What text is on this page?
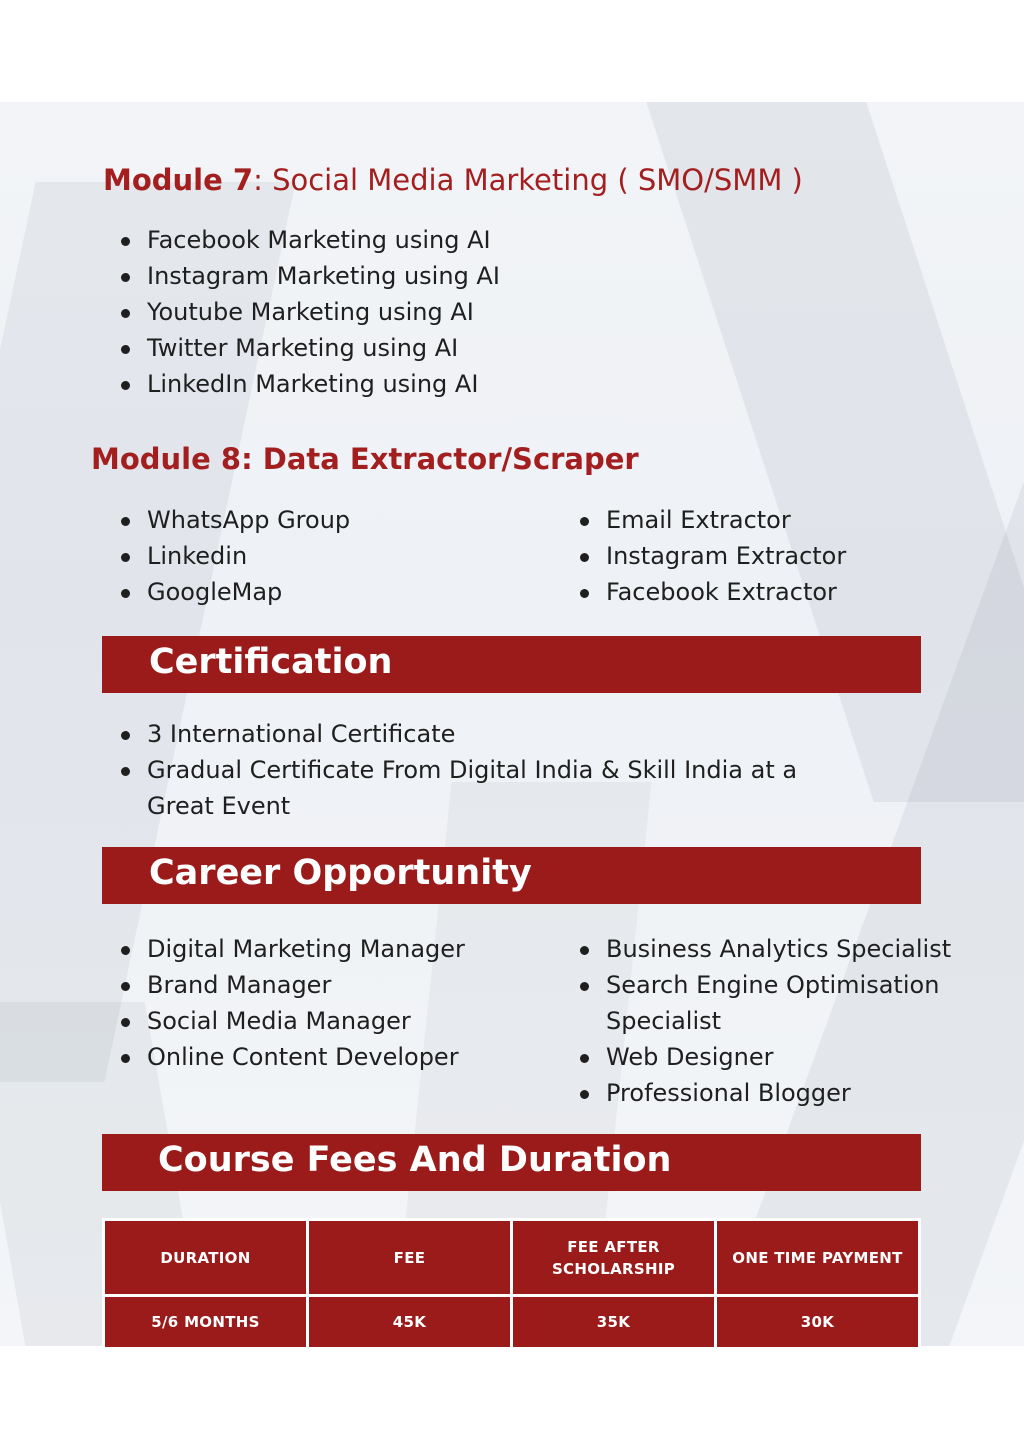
Module 7: Social Media Marketing ( SMO/SMM )
Facebook Marketing using AI
Instagram Marketing using AI
Youtube Marketing using AI
Twitter Marketing using AI
LinkedIn Marketing using AI
Module 8: Data Extractor/Scraper
WhatsApp Group
Linkedin
GoogleMap
Email Extractor
Instagram Extractor
Facebook Extractor
Certification
3 International Certificate
Gradual Certificate From Digital India & Skill India at a Great Event
Career Opportunity
Digital Marketing Manager
Brand Manager
Social Media Manager
Online Content Developer
Business Analytics Specialist
Search Engine Optimisation Specialist
Web Designer
Professional Blogger
Course Fees And Duration
DURATION	FEE	FEE AFTER SCHOLARSHIP	ONE TIME PAYMENT
5/6 MONTHS	45K	35K	30K
